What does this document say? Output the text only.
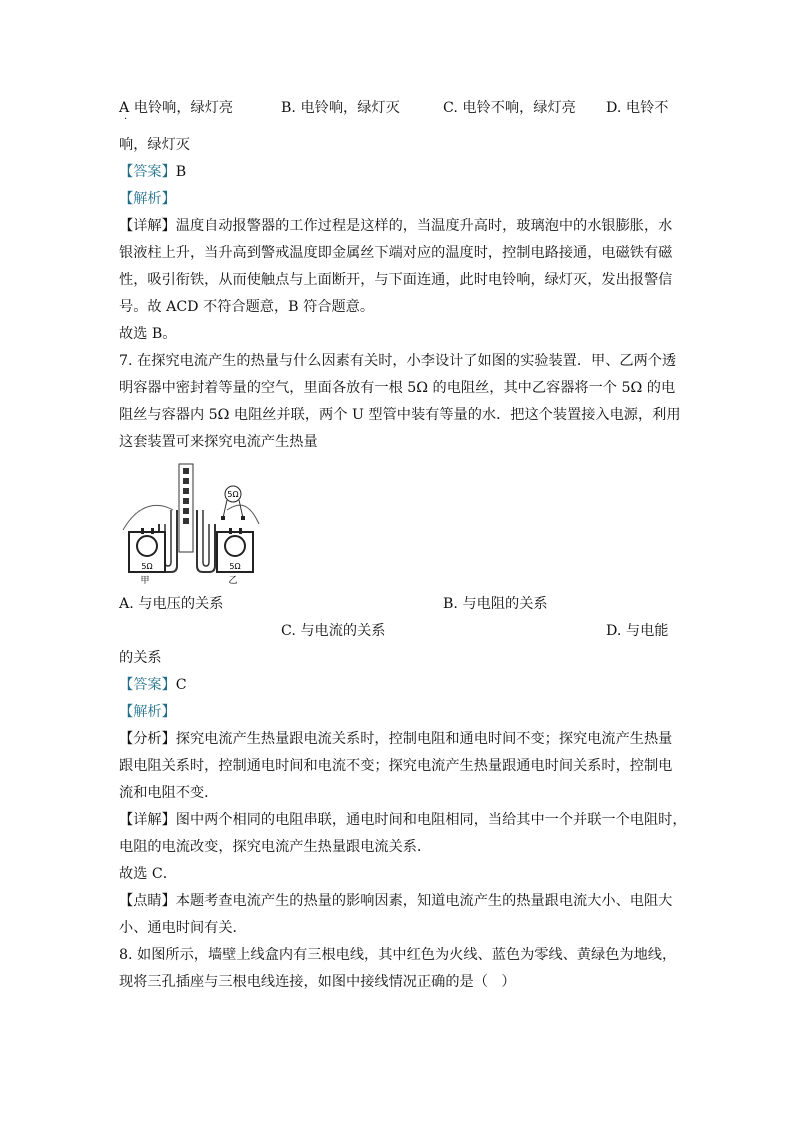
A 电铃响，绿灯亮	B. 电铃响，绿灯灭	C. 电铃不响，绿灯亮 D. 电铃不
·
响，绿灯灭
【答案】B
【解析】
【详解】温度自动报警器的工作过程是这样的，当温度升高时，玻璃泡中的水银膨胀，水
银液柱上升，当升高到警戒温度即金属丝下端对应的温度时，控制电路接通，电磁铁有磁
性，吸引衔铁，从而使触点与上面断开，与下面连通，此时电铃响，绿灯灭，发出报警信
号。故 ACD 不符合题意，B 符合题意。
故选 B。
7. 在探究电流产生的热量与什么因素有关时，小李设计了如图的实验装置．甲、乙两个透
明容器中密封着等量的空气，里面各放有一根 5Ω 的电阻丝，其中乙容器将一个 5Ω 的电
阻丝与容器内 5Ω 电阻丝并联，两个 U 型管中装有等量的水．把这个装置接入电源，利用
这套装置可来探究电流产生热量
5Ω
5Ω	5Ω
甲	乙
A. 与电压的关系	B. 与电阻的关系
C. 与电流的关系	D. 与电能
的关系
【答案】C
【解析】
【分析】探究电流产生热量跟电流关系时，控制电阻和通电时间不变；探究电流产生热量
跟电阻关系时，控制通电时间和电流不变；探究电流产生热量跟通电时间关系时，控制电
流和电阻不变．
【详解】图中两个相同的电阻串联，通电时间和电阻相同，当给其中一个并联一个电阻时，
电阻的电流改变，探究电流产生热量跟电流关系．
故选 C．
【点睛】本题考查电流产生的热量的影响因素，知道电流产生的热量跟电流大小、电阻大
小、通电时间有关．
8. 如图所示，墙壁上线盒内有三根电线，其中红色为火线、蓝色为零线、黄绿色为地线，
现将三孔插座与三根电线连接，如图中接线情况正确的是（   ）
